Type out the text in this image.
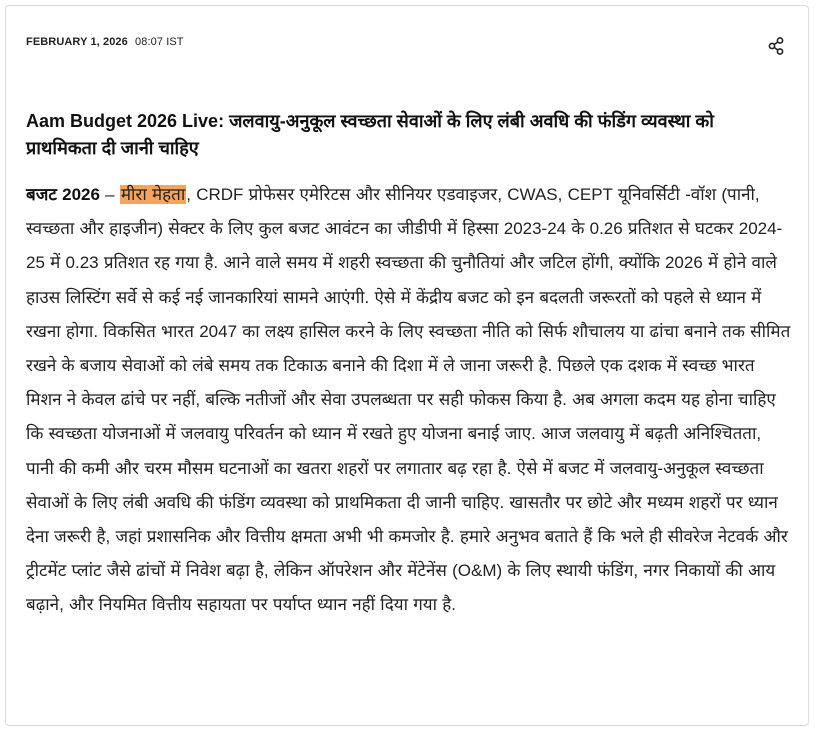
FEBRUARY 1, 2026 08:07 IST
Aam Budget 2026 Live: जलवायु-अनुकूल स्वच्छता सेवाओं के लिए लंबी अवधि की फंडिंग व्यवस्था को प्राथमिकता दी जानी चाहिए

बजट 2026 – मीरा मेहता, CRDF प्रोफेसर एमेरिटस और सीनियर एडवाइजर, CWAS, CEPT यूनिवर्सिटी -वॉश (पानी, स्वच्छता और हाइजीन) सेक्टर के लिए कुल बजट आवंटन का जीडीपी में हिस्सा 2023-24 के 0.26 प्रतिशत से घटकर 2024-25 में 0.23 प्रतिशत रह गया है. आने वाले समय में शहरी स्वच्छता की चुनौतियां और जटिल होंगी, क्योंकि 2026 में होने वाले हाउस लिस्टिंग सर्वे से कई नई जानकारियां सामने आएंगी. ऐसे में केंद्रीय बजट को इन बदलती जरूरतों को पहले से ध्यान में रखना होगा. विकसित भारत 2047 का लक्ष्य हासिल करने के लिए स्वच्छता नीति को सिर्फ शौचालय या ढांचा बनाने तक सीमित रखने के बजाय सेवाओं को लंबे समय तक टिकाऊ बनाने की दिशा में ले जाना जरूरी है. पिछले एक दशक में स्वच्छ भारत मिशन ने केवल ढांचे पर नहीं, बल्कि नतीजों और सेवा उपलब्धता पर सही फोकस किया है. अब अगला कदम यह होना चाहिए कि स्वच्छता योजनाओं में जलवायु परिवर्तन को ध्यान में रखते हुए योजना बनाई जाए. आज जलवायु में बढ़ती अनिश्चितता, पानी की कमी और चरम मौसम घटनाओं का खतरा शहरों पर लगातार बढ़ रहा है. ऐसे में बजट में जलवायु-अनुकूल स्वच्छता सेवाओं के लिए लंबी अवधि की फंडिंग व्यवस्था को प्राथमिकता दी जानी चाहिए. खासतौर पर छोटे और मध्यम शहरों पर ध्यान देना जरूरी है, जहां प्रशासनिक और वित्तीय क्षमता अभी भी कमजोर है. हमारे अनुभव बताते हैं कि भले ही सीवरेज नेटवर्क और ट्रीटमेंट प्लांट जैसे ढांचों में निवेश बढ़ा है, लेकिन ऑपरेशन और मेंटेनेंस (O&M) के लिए स्थायी फंडिंग, नगर निकायों की आय बढ़ाने, और नियमित वित्तीय सहायता पर पर्याप्त ध्यान नहीं दिया गया है.
